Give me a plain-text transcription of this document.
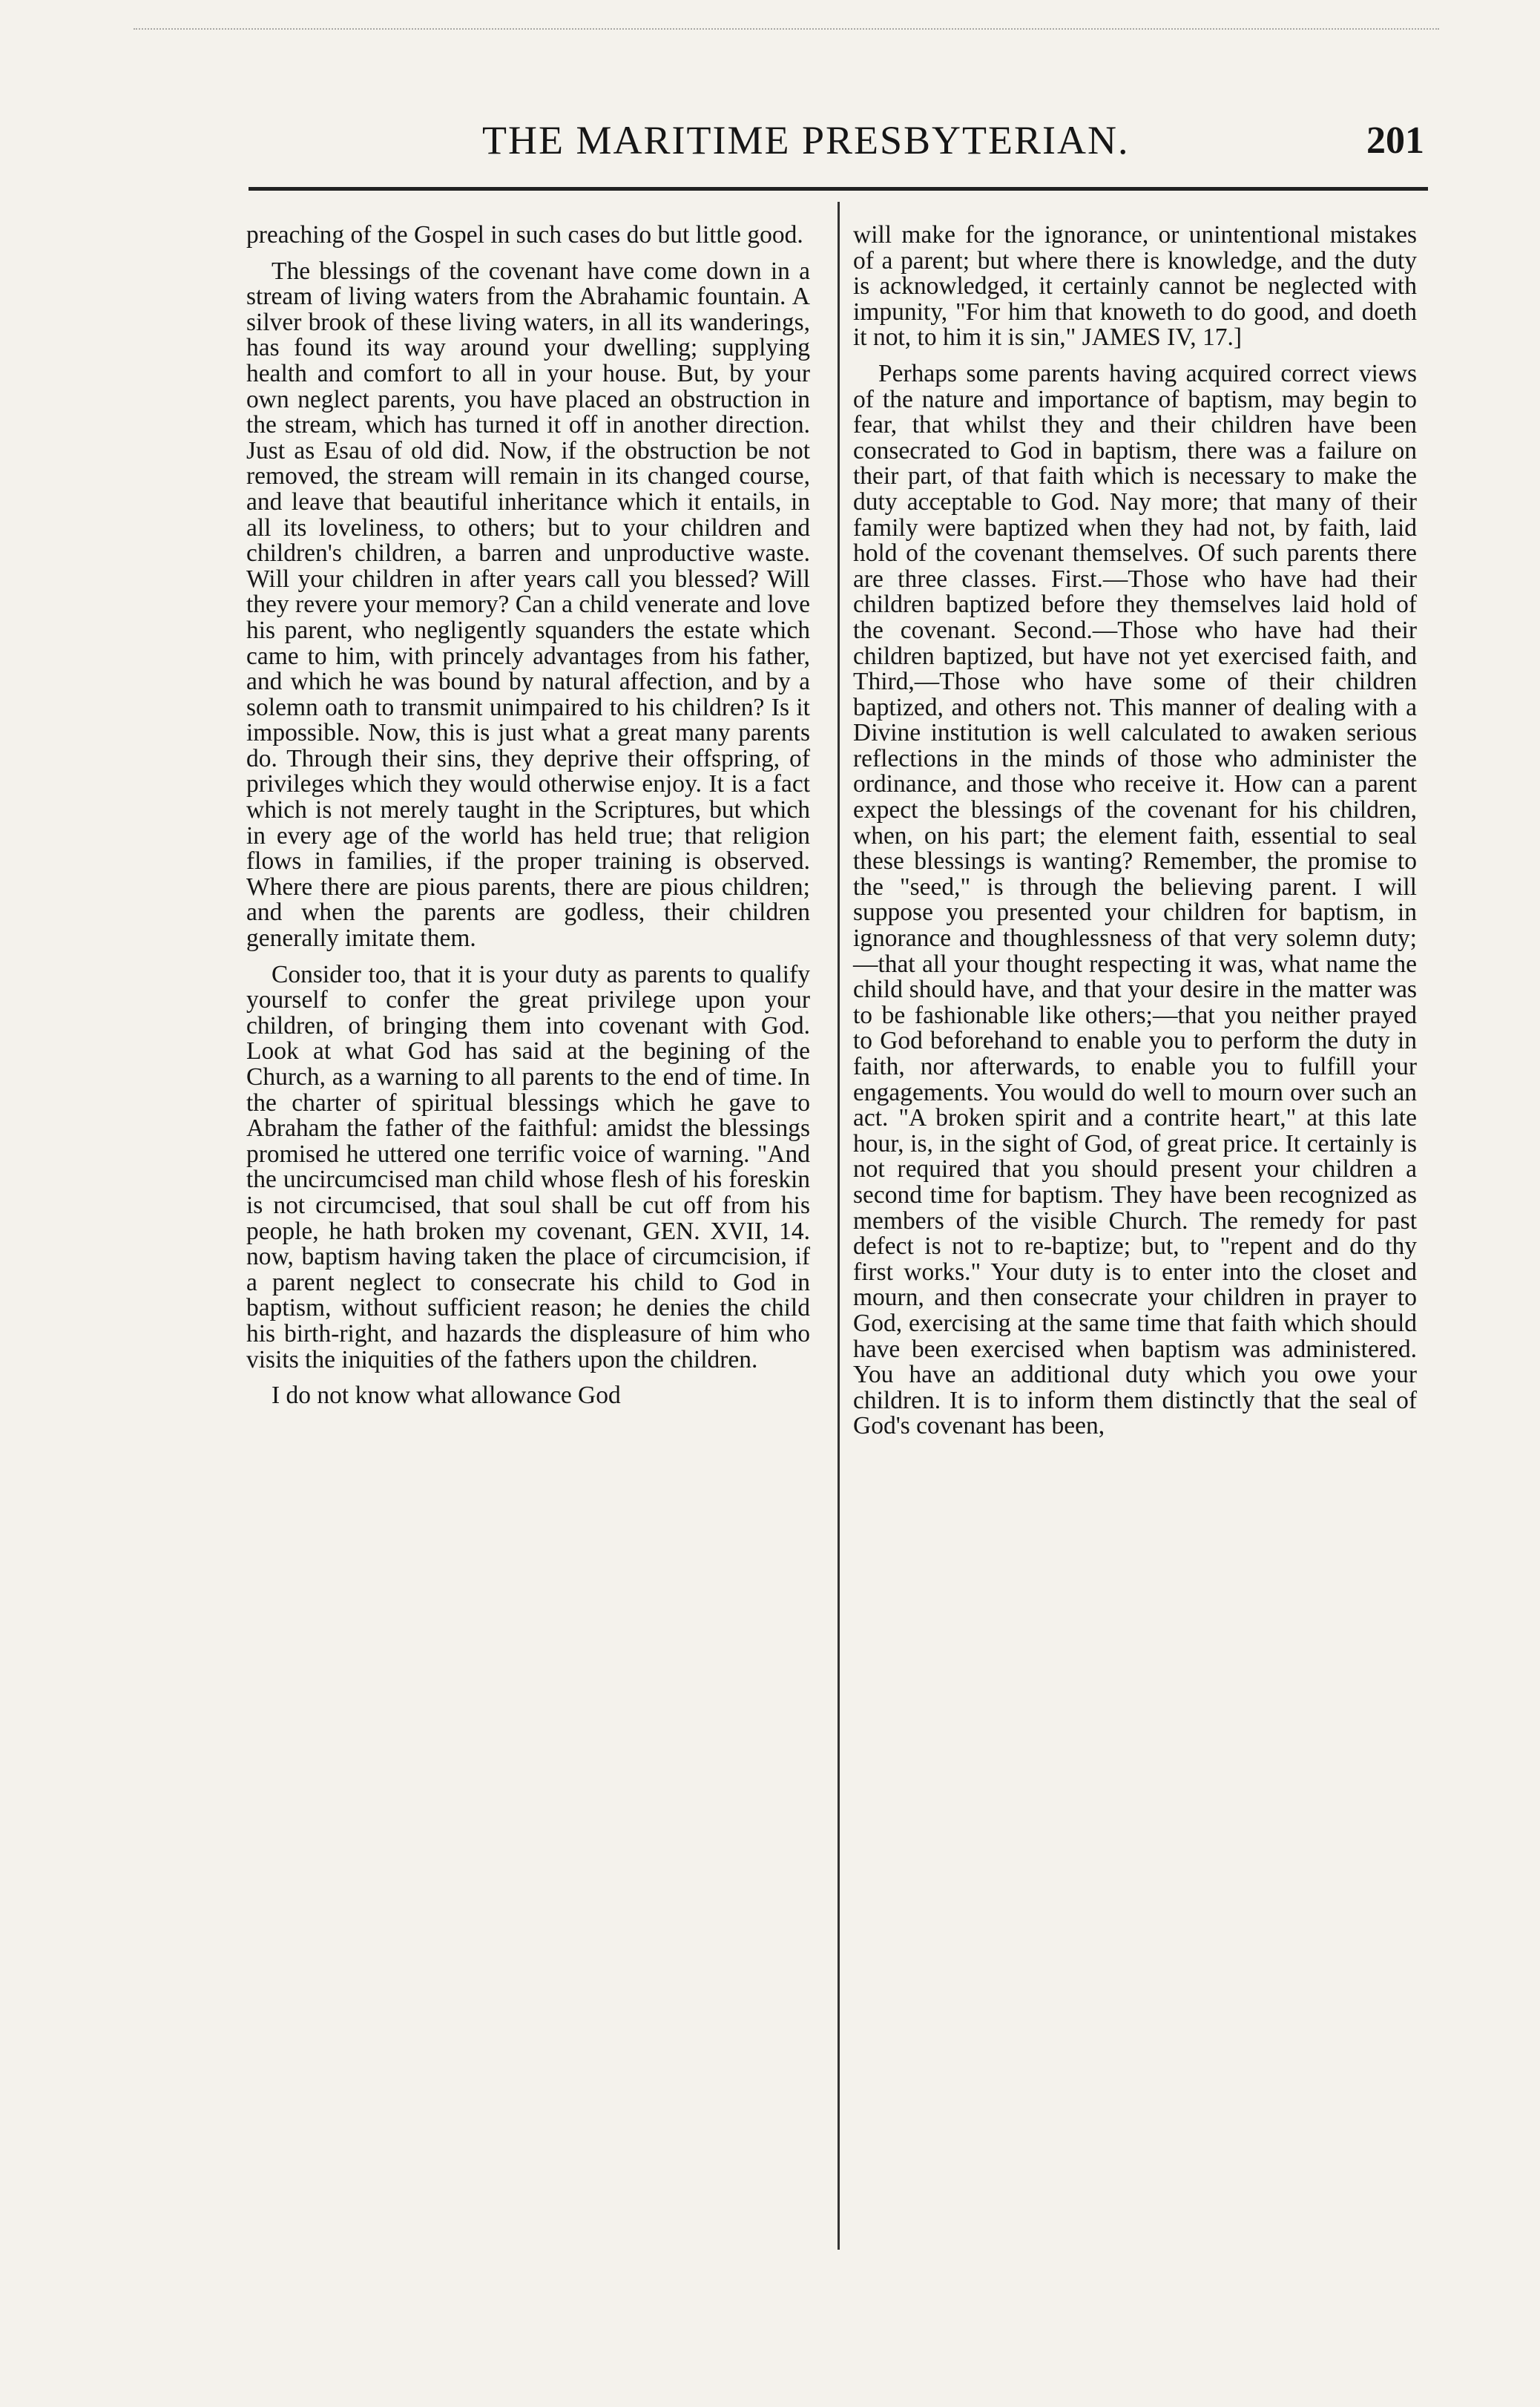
THE MARITIME PRESBYTERIAN.	201

preaching of the Gospel in such cases do but little good.

The blessings of the covenant have come down in a stream of living waters from the Abrahamic fountain. A silver brook of these living waters, in all its wanderings, has found its way around your dwelling; supplying health and comfort to all in your house. But, by your own neglect parents, you have placed an obstruction in the stream, which has turned it off in another direction. Just as Esau of old did. Now, if the obstruction be not removed, the stream will remain in its changed course, and leave that beautiful inheritance which it entails, in all its loveliness, to others; but to your children and children's children, a barren and unproductive waste. Will your children in after years call you blessed? Will they revere your memory? Can a child venerate and love his parent, who negligently squanders the estate which came to him, with princely advantages from his father, and which he was bound by natural affection, and by a solemn oath to transmit unimpaired to his children? Is it impossible. Now, this is just what a great many parents do. Through their sins, they deprive their offspring, of privileges which they would otherwise enjoy. It is a fact which is not merely taught in the Scriptures, but which in every age of the world has held true; that religion flows in families, if the proper training is observed. Where there are pious parents, there are pious children; and when the parents are godless, their children generally imitate them.

Consider too, that it is your duty as parents to qualify yourself to confer the great privilege upon your children, of bringing them into covenant with God. Look at what God has said at the begining of the Church, as a warning to all parents to the end of time. In the charter of spiritual blessings which he gave to Abraham the father of the faithful: amidst the blessings promised he uttered one terrific voice of warning. "And the uncircumcised man child whose flesh of his foreskin is not circumcised, that soul shall be cut off from his people, he hath broken my covenant, GEN. XVII, 14. now, baptism having taken the place of circumcision, if a parent neglect to consecrate his child to God in baptism, without sufficient reason; he denies the child his birth-right, and hazards the displeasure of him who visits the iniquities of the fathers upon the children.

I do not know what allowance God

will make for the ignorance, or unintentional mistakes of a parent; but where there is knowledge, and the duty is acknowledged, it certainly cannot be neglected with impunity, "For him that knoweth to do good, and doeth it not, to him it is sin," JAMES IV, 17.]

Perhaps some parents having acquired correct views of the nature and importance of baptism, may begin to fear, that whilst they and their children have been consecrated to God in baptism, there was a failure on their part, of that faith which is necessary to make the duty acceptable to God. Nay more; that many of their family were baptized when they had not, by faith, laid hold of the covenant themselves. Of such parents there are three classes. First.—Those who have had their children baptized before they themselves laid hold of the covenant. Second.—Those who have had their children baptized, but have not yet exercised faith, and Third,—Those who have some of their children baptized, and others not. This manner of dealing with a Divine institution is well calculated to awaken serious reflections in the minds of those who administer the ordinance, and those who receive it. How can a parent expect the blessings of the covenant for his children, when, on his part; the element faith, essential to seal these blessings is wanting? Remember, the promise to the "seed," is through the believing parent. I will suppose you presented your children for baptism, in ignorance and thoughlessness of that very solemn duty;—that all your thought respecting it was, what name the child should have, and that your desire in the matter was to be fashionable like others;—that you neither prayed to God beforehand to enable you to perform the duty in faith, nor afterwards, to enable you to fulfill your engagements. You would do well to mourn over such an act. "A broken spirit and a contrite heart," at this late hour, is, in the sight of God, of great price. It certainly is not required that you should present your children a second time for baptism. They have been recognized as members of the visible Church. The remedy for past defect is not to re-baptize; but, to "repent and do thy first works." Your duty is to enter into the closet and mourn, and then consecrate your children in prayer to God, exercising at the same time that faith which should have been exercised when baptism was administered. You have an additional duty which you owe your children. It is to inform them distinctly that the seal of God's covenant has been,
